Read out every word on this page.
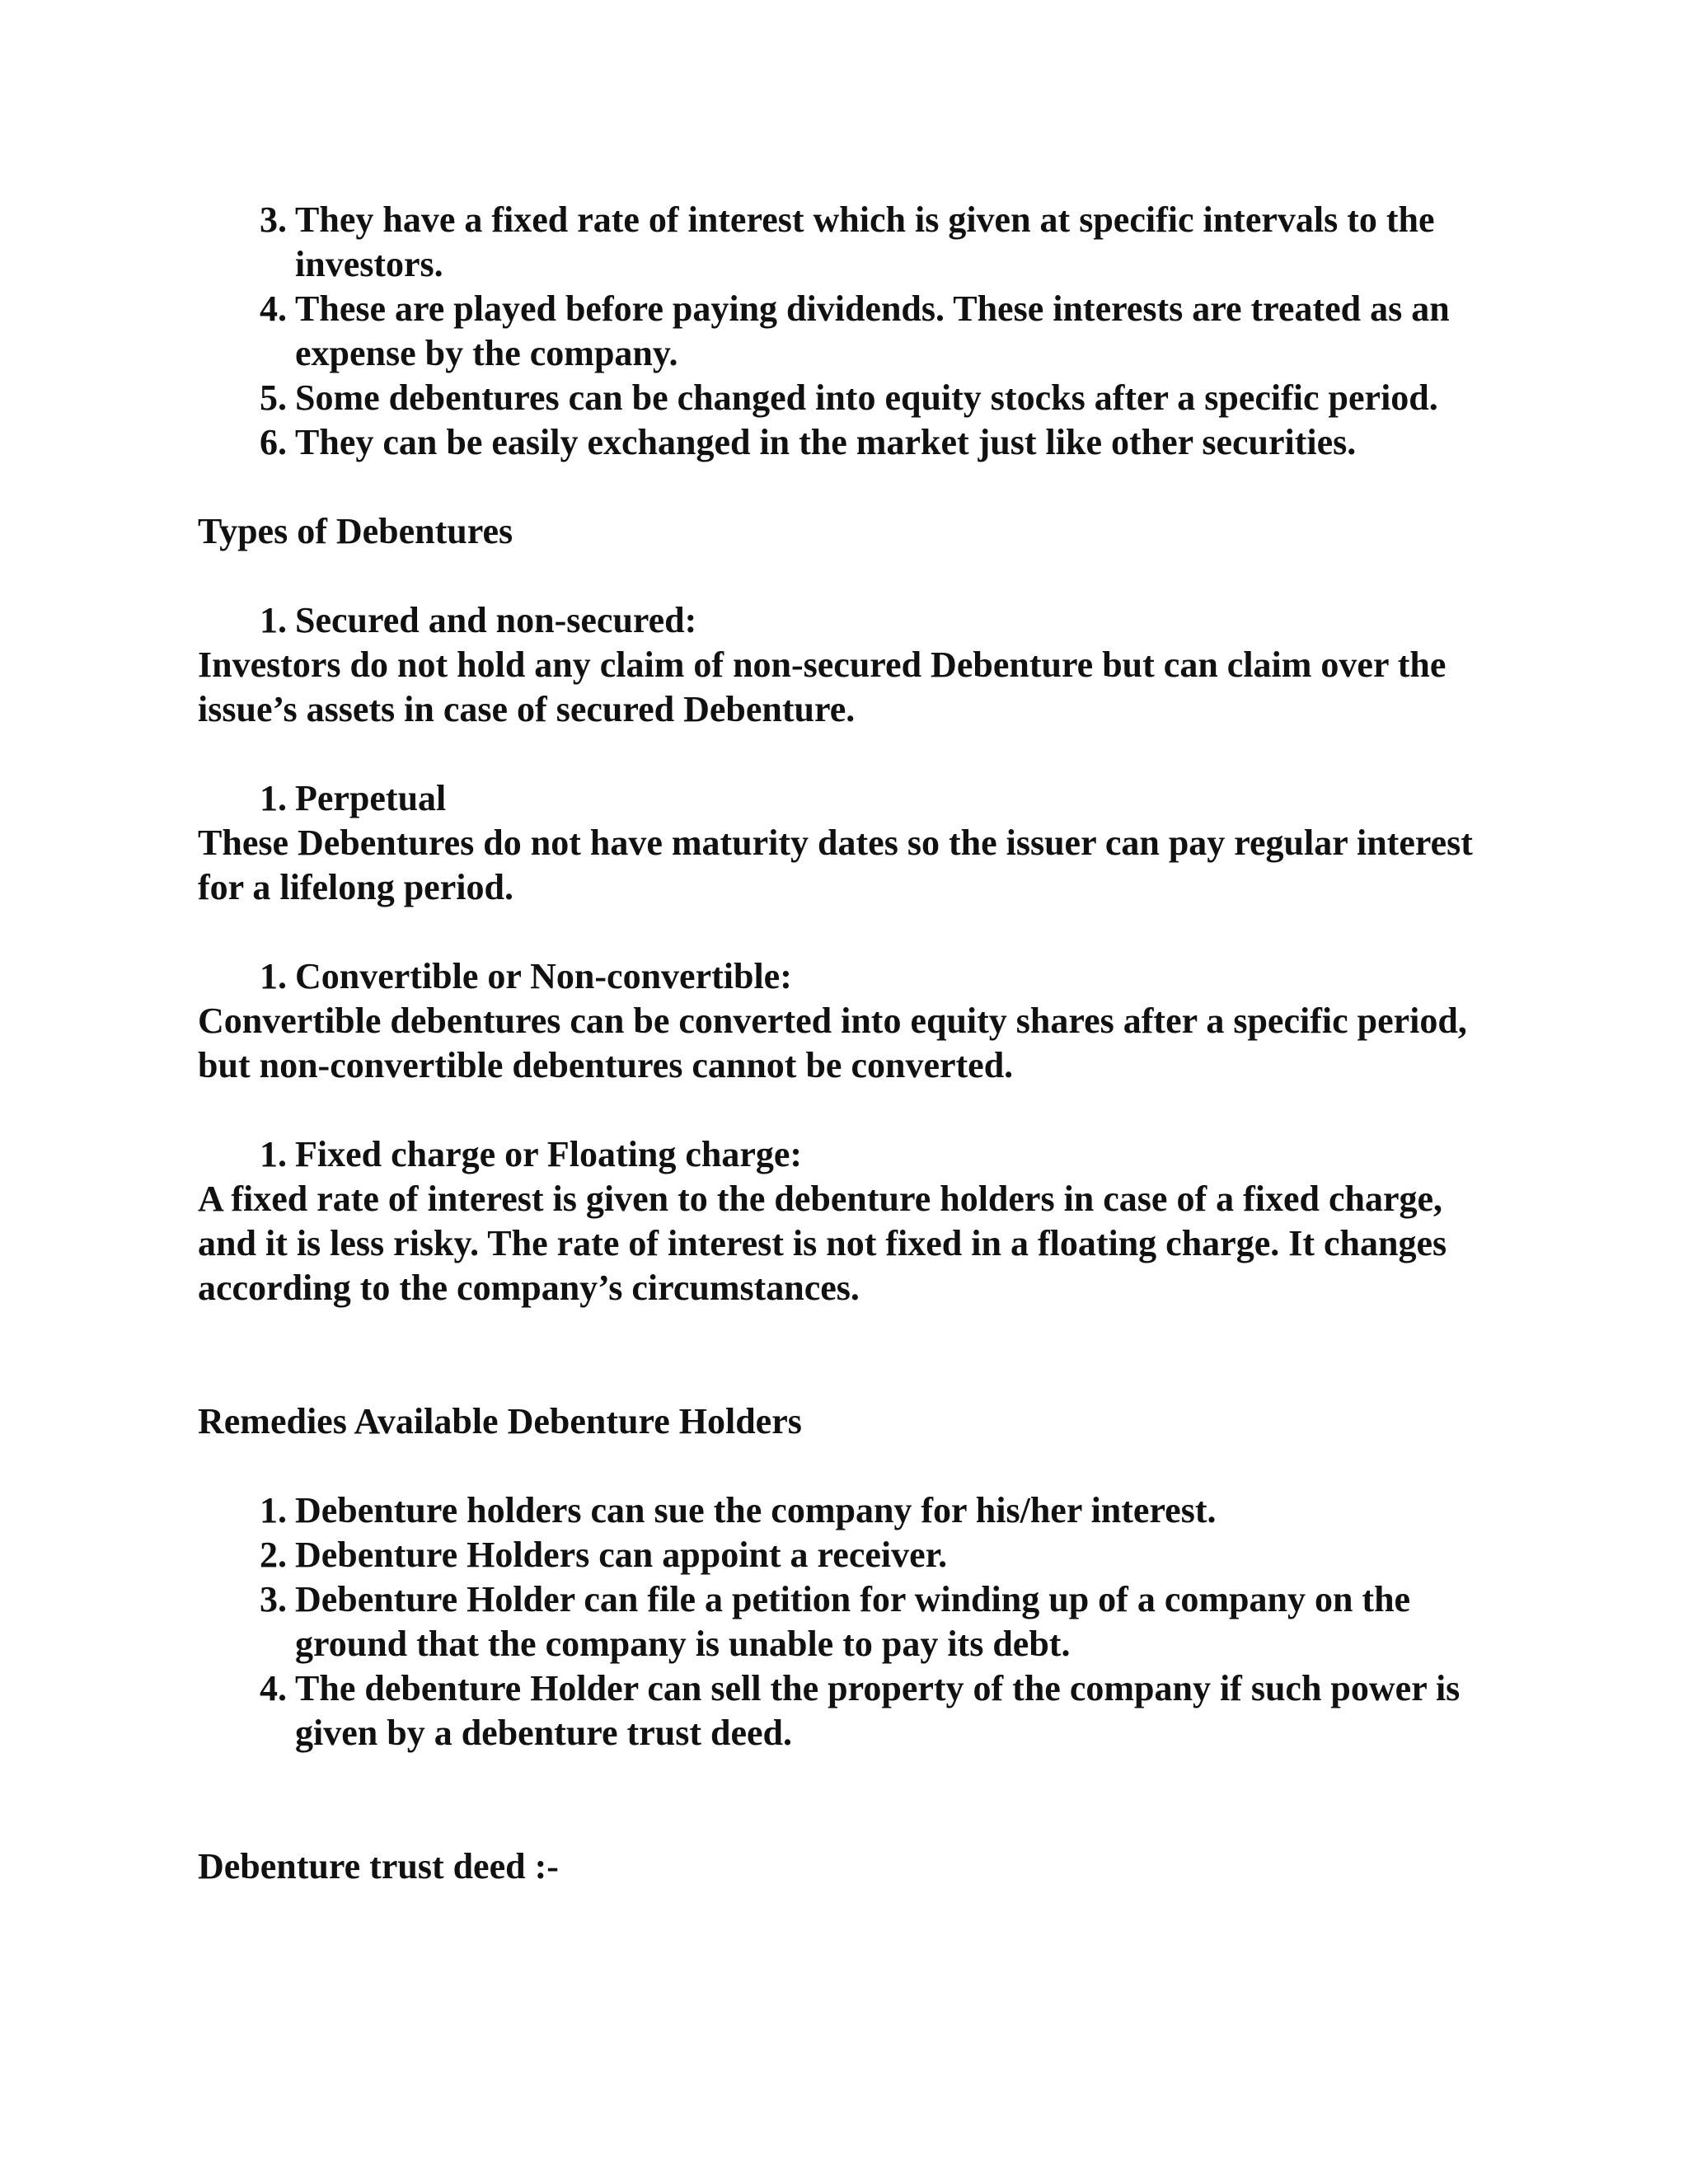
3. They have a fixed rate of interest which is given at specific intervals to the investors.
4. These are played before paying dividends. These interests are treated as an expense by the company.
5. Some debentures can be changed into equity stocks after a specific period.
6. They can be easily exchanged in the market just like other securities.
Types of Debentures
1. Secured and non-secured:
Investors do not hold any claim of non-secured Debenture but can claim over the issue’s assets in case of secured Debenture.
1. Perpetual
These Debentures do not have maturity dates so the issuer can pay regular interest for a lifelong period.
1. Convertible or Non-convertible:
Convertible debentures can be converted into equity shares after a specific period, but non-convertible debentures cannot be converted.
1. Fixed charge or Floating charge:
A fixed rate of interest is given to the debenture holders in case of a fixed charge, and it is less risky. The rate of interest is not fixed in a floating charge. It changes according to the company’s circumstances.
Remedies Available Debenture Holders
1. Debenture holders can sue the company for his/her interest.
2. Debenture Holders can appoint a receiver.
3. Debenture Holder can file a petition for winding up of a company on the ground that the company is unable to pay its debt.
4. The debenture Holder can sell the property of the company if such power is given by a debenture trust deed.
Debenture trust deed :-
